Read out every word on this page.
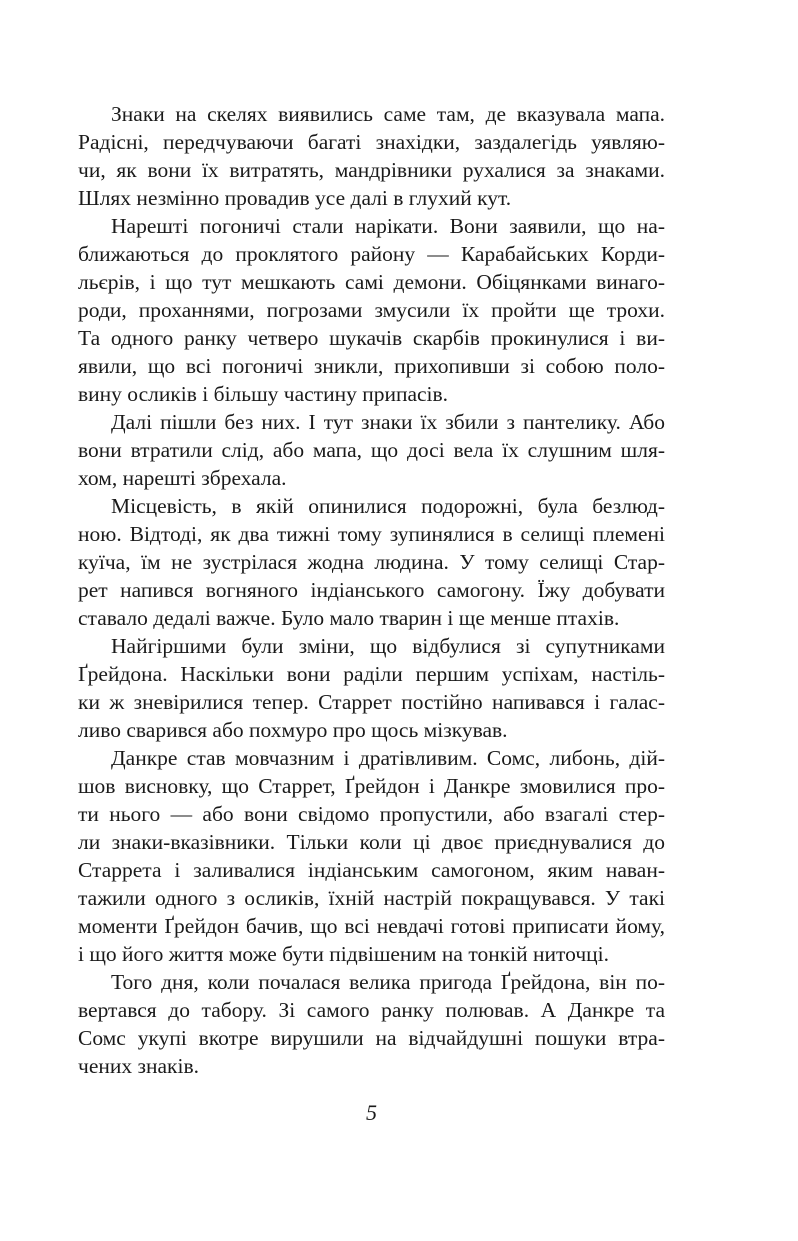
Знаки на скелях виявились саме там, де вказувала мапа.
Радісні, передчуваючи багаті знахідки, заздалегідь уявляю-
чи, як вони їх витратять, мандрівники рухалися за знаками.
Шлях незмінно провадив усе далі в глухий кут.

Нарешті погоничі стали нарікати. Вони заявили, що на-
ближаються до проклятого району — Карабайських Корди-
льєрів, і що тут мешкають самі демони. Обіцянками винаго-
роди, проханнями, погрозами змусили їх пройти ще трохи.
Та одного ранку четверо шукачів скарбів прокинулися і ви-
явили, що всі погоничі зникли, прихопивши зі собою поло-
вину осликів і більшу частину припасів.

Далі пішли без них. І тут знаки їх збили з пантелику. Або
вони втратили слід, або мапа, що досі вела їх слушним шля-
хом, нарешті збрехала.

Місцевість, в якій опинилися подорожні, була безлюд-
ною. Відтоді, як два тижні тому зупинялися в селищі племені
куїча, їм не зустрілася жодна людина. У тому селищі Стар-
рет напився вогняного індіанського самогону. Їжу добувати
ставало дедалі важче. Було мало тварин і ще менше птахів.

Найгіршими були зміни, що відбулися зі супутниками
Ґрейдона. Наскільки вони раділи першим успіхам, настіль-
ки ж зневірилися тепер. Старрет постійно напивався і галас-
ливо сварився або похмуро про щось мізкував.

Данкре став мовчазним і дратівливим. Сомс, либонь, дій-
шов висновку, що Старрет, Ґрейдон і Данкре змовилися про-
ти нього — або вони свідомо пропустили, або взагалі стер-
ли знаки-вказівники. Тільки коли ці двоє приєднувалися до
Старрета і заливалися індіанським самогоном, яким наван-
тажили одного з осликів, їхній настрій покращувався. У такі
моменти Ґрейдон бачив, що всі невдачі готові приписати йому,
і що його життя може бути підвішеним на тонкій ниточці.

Того дня, коли почалася велика пригода Ґрейдона, він по-
вертався до табору. Зі самого ранку полював. А Данкре та
Сомс укупі вкотре вирушили на відчайдушні пошуки втра-
чених знаків.

5
